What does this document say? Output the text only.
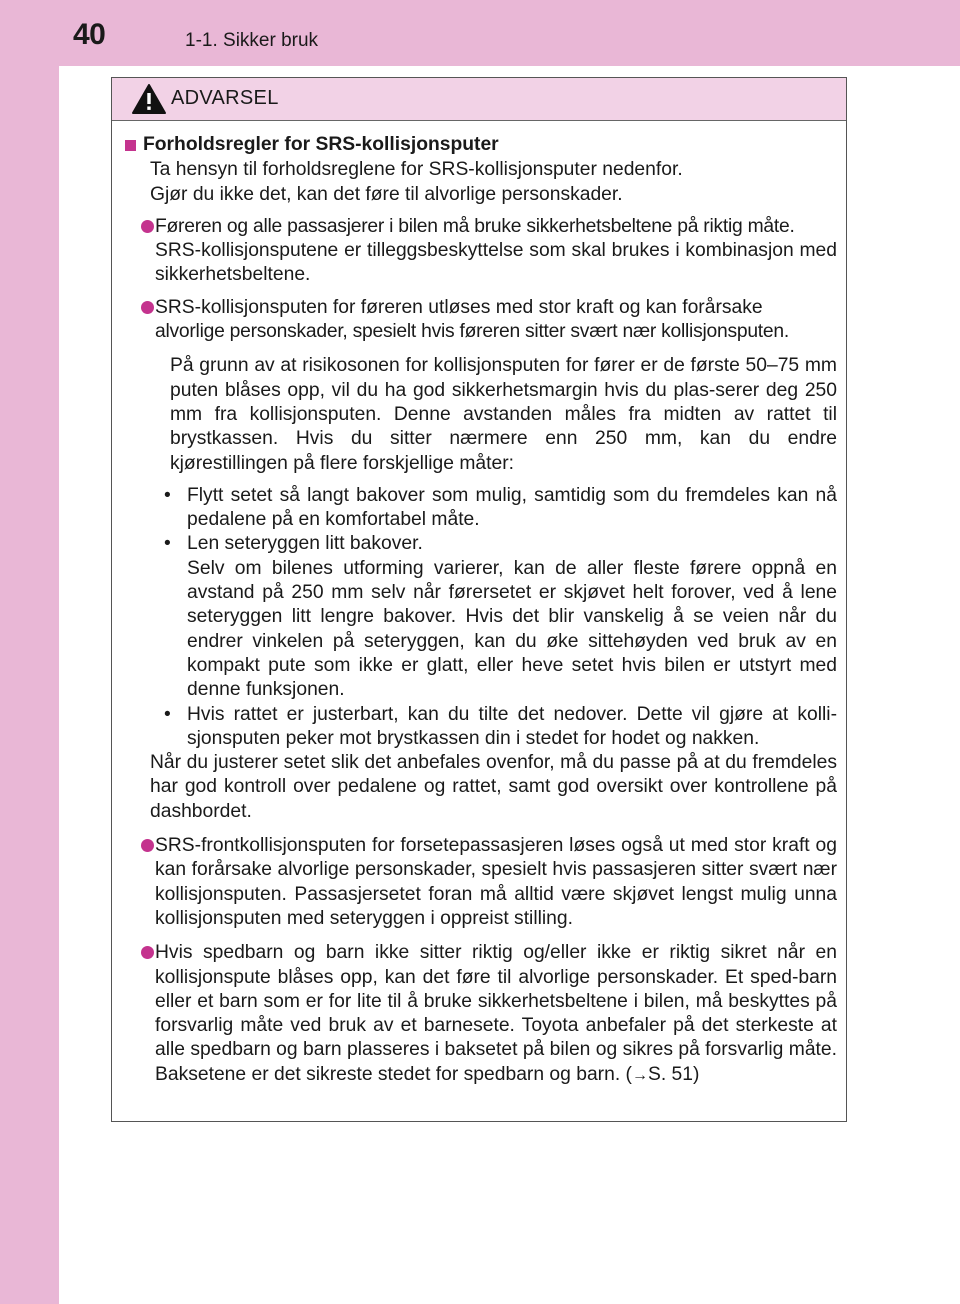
40	1-1. Sikker bruk
ADVARSEL
Forholdsregler for SRS-kollisjonsputer
Ta hensyn til forholdsreglene for SRS-kollisjonsputer nedenfor.
Gjør du ikke det, kan det føre til alvorlige personskader.
Føreren og alle passasjerer i bilen må bruke sikkerhetsbeltene på riktig måte.
SRS-kollisjonsputene er tilleggsbeskyttelse som skal brukes i kombinasjon med sikkerhetsbeltene.
SRS-kollisjonsputen for føreren utløses med stor kraft og kan forårsake
alvorlige personskader, spesielt hvis føreren sitter svært nær kollisjonsputen.
På grunn av at risikosonen for kollisjonsputen for fører er de første 50–75 mm puten blåses opp, vil du ha god sikkerhetsmargin hvis du plas-serer deg 250 mm fra kollisjonsputen. Denne avstanden måles fra midten av rattet til brystkassen. Hvis du sitter nærmere enn 250 mm, kan du endre kjørestillingen på flere forskjellige måter:
• Flytt setet så langt bakover som mulig, samtidig som du fremdeles kan nå pedalene på en komfortabel måte.
• Len seteryggen litt bakover.
Selv om bilenes utforming varierer, kan de aller fleste førere oppnå en avstand på 250 mm selv når førersetet er skjøvet helt forover, ved å lene seteryggen litt lengre bakover. Hvis det blir vanskelig å se veien når du endrer vinkelen på seteryggen, kan du øke sittehøyden ved bruk av en kompakt pute som ikke er glatt, eller heve setet hvis bilen er utstyrt med denne funksjonen.
• Hvis rattet er justerbart, kan du tilte det nedover. Dette vil gjøre at kolli-sjonsputen peker mot brystkassen din i stedet for hodet og nakken.
Når du justerer setet slik det anbefales ovenfor, må du passe på at du fremdeles har god kontroll over pedalene og rattet, samt god oversikt over kontrollene på dashbordet.
SRS-frontkollisjonsputen for forsetepassasjeren løses også ut med stor kraft og kan forårsake alvorlige personskader, spesielt hvis passasjeren sitter svært nær kollisjonsputen. Passasjersetet foran må alltid være skjøvet lengst mulig unna kollisjonsputen med seteryggen i oppreist stilling.
Hvis spedbarn og barn ikke sitter riktig og/eller ikke er riktig sikret når en kollisjonspute blåses opp, kan det føre til alvorlige personskader. Et sped-barn eller et barn som er for lite til å bruke sikkerhetsbeltene i bilen, må beskyttes på forsvarlig måte ved bruk av et barnesete. Toyota anbefaler på det sterkeste at alle spedbarn og barn plasseres i baksetet på bilen og sikres på forsvarlig måte. Baksetene er det sikreste stedet for spedbarn og barn. (→S. 51)
